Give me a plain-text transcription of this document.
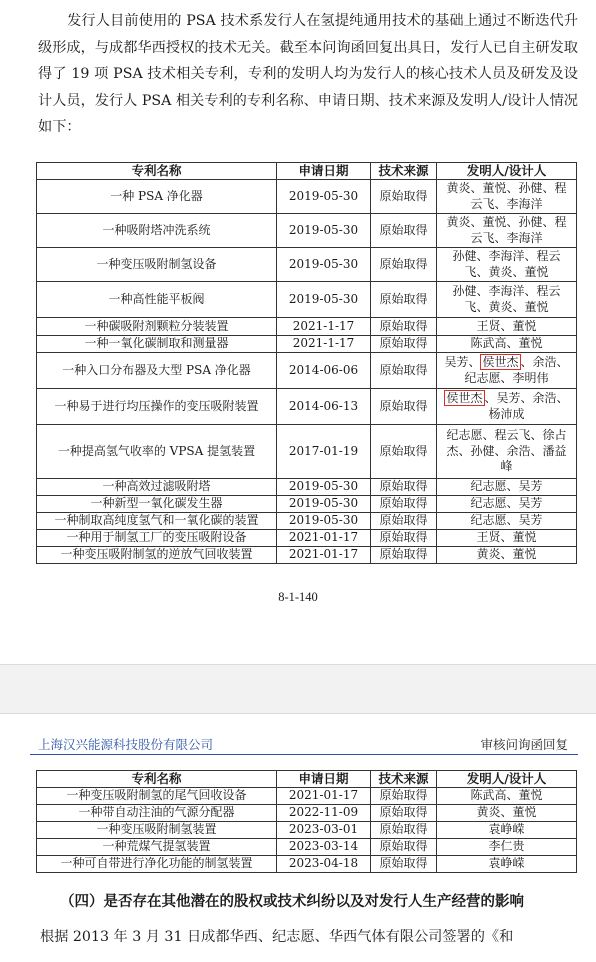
发行人目前使用的 PSA 技术系发行人在氢提纯通用技术的基础上通过不断迭代升级形成，与成都华西授权的技术无关。截至本问询函回复出具日，发行人已自主研发取得了 19 项 PSA 技术相关专利，专利的发明人均为发行人的核心技术人员及研发及设计人员，发行人 PSA 相关专利的专利名称、申请日期、技术来源及发明人/设计人情况如下：
专利名称	申请日期	技术来源	发明人/设计人
一种 PSA 净化器	2019-05-30	原始取得	黄炎、董悦、孙健、程云飞、李海洋
一种吸附塔冲洗系统	2019-05-30	原始取得	黄炎、董悦、孙健、程云飞、李海洋
一种变压吸附制氢设备	2019-05-30	原始取得	孙健、李海洋、程云飞、黄炎、董悦
一种高性能平板阀	2019-05-30	原始取得	孙健、李海洋、程云飞、黄炎、董悦
一种碳吸附剂颗粒分装装置	2021-1-17	原始取得	王贤、董悦
一种一氧化碳制取和测量器	2021-1-17	原始取得	陈武高、董悦
一种入口分布器及大型 PSA 净化器	2014-06-06	原始取得	吴芳、 侯世杰 、余浩、纪志愿、李明伟
一种易于进行均压操作的变压吸附装置	2014-06-13	原始取得	侯世杰 、吴芳、余浩、杨沛成
一种提高氢气收率的 VPSA 提氢装置	2017-01-19	原始取得	纪志愿、程云飞、徐占杰、孙健、余浩、潘益峰
一种高效过滤吸附塔	2019-05-30	原始取得	纪志愿、吴芳
一种新型一氧化碳发生器	2019-05-30	原始取得	纪志愿、吴芳
一种制取高纯度氢气和一氧化碳的装置	2019-05-30	原始取得	纪志愿、吴芳
一种用于制氢工厂的变压吸附设备	2021-01-17	原始取得	王贤、董悦
一种变压吸附制氢的逆放气回收装置	2021-01-17	原始取得	黄炎、董悦
8-1-140
上海汉兴能源科技股份有限公司	审核问询函回复
专利名称	申请日期	技术来源	发明人/设计人
一种变压吸附制氢的尾气回收设备	2021-01-17	原始取得	陈武高、董悦
一种带自动注油的气源分配器	2022-11-09	原始取得	黄炎、董悦
一种变压吸附制氢装置	2023-03-01	原始取得	袁峥嵘
一种荒煤气提氢装置	2023-03-14	原始取得	李仁贵
一种可自带进行净化功能的制氢装置	2023-04-18	原始取得	袁峥嵘
（四）是否存在其他潜在的股权或技术纠纷以及对发行人生产经营的影响
根据 2013 年 3 月 31 日成都华西、纪志愿、华西气体有限公司签署的《和
